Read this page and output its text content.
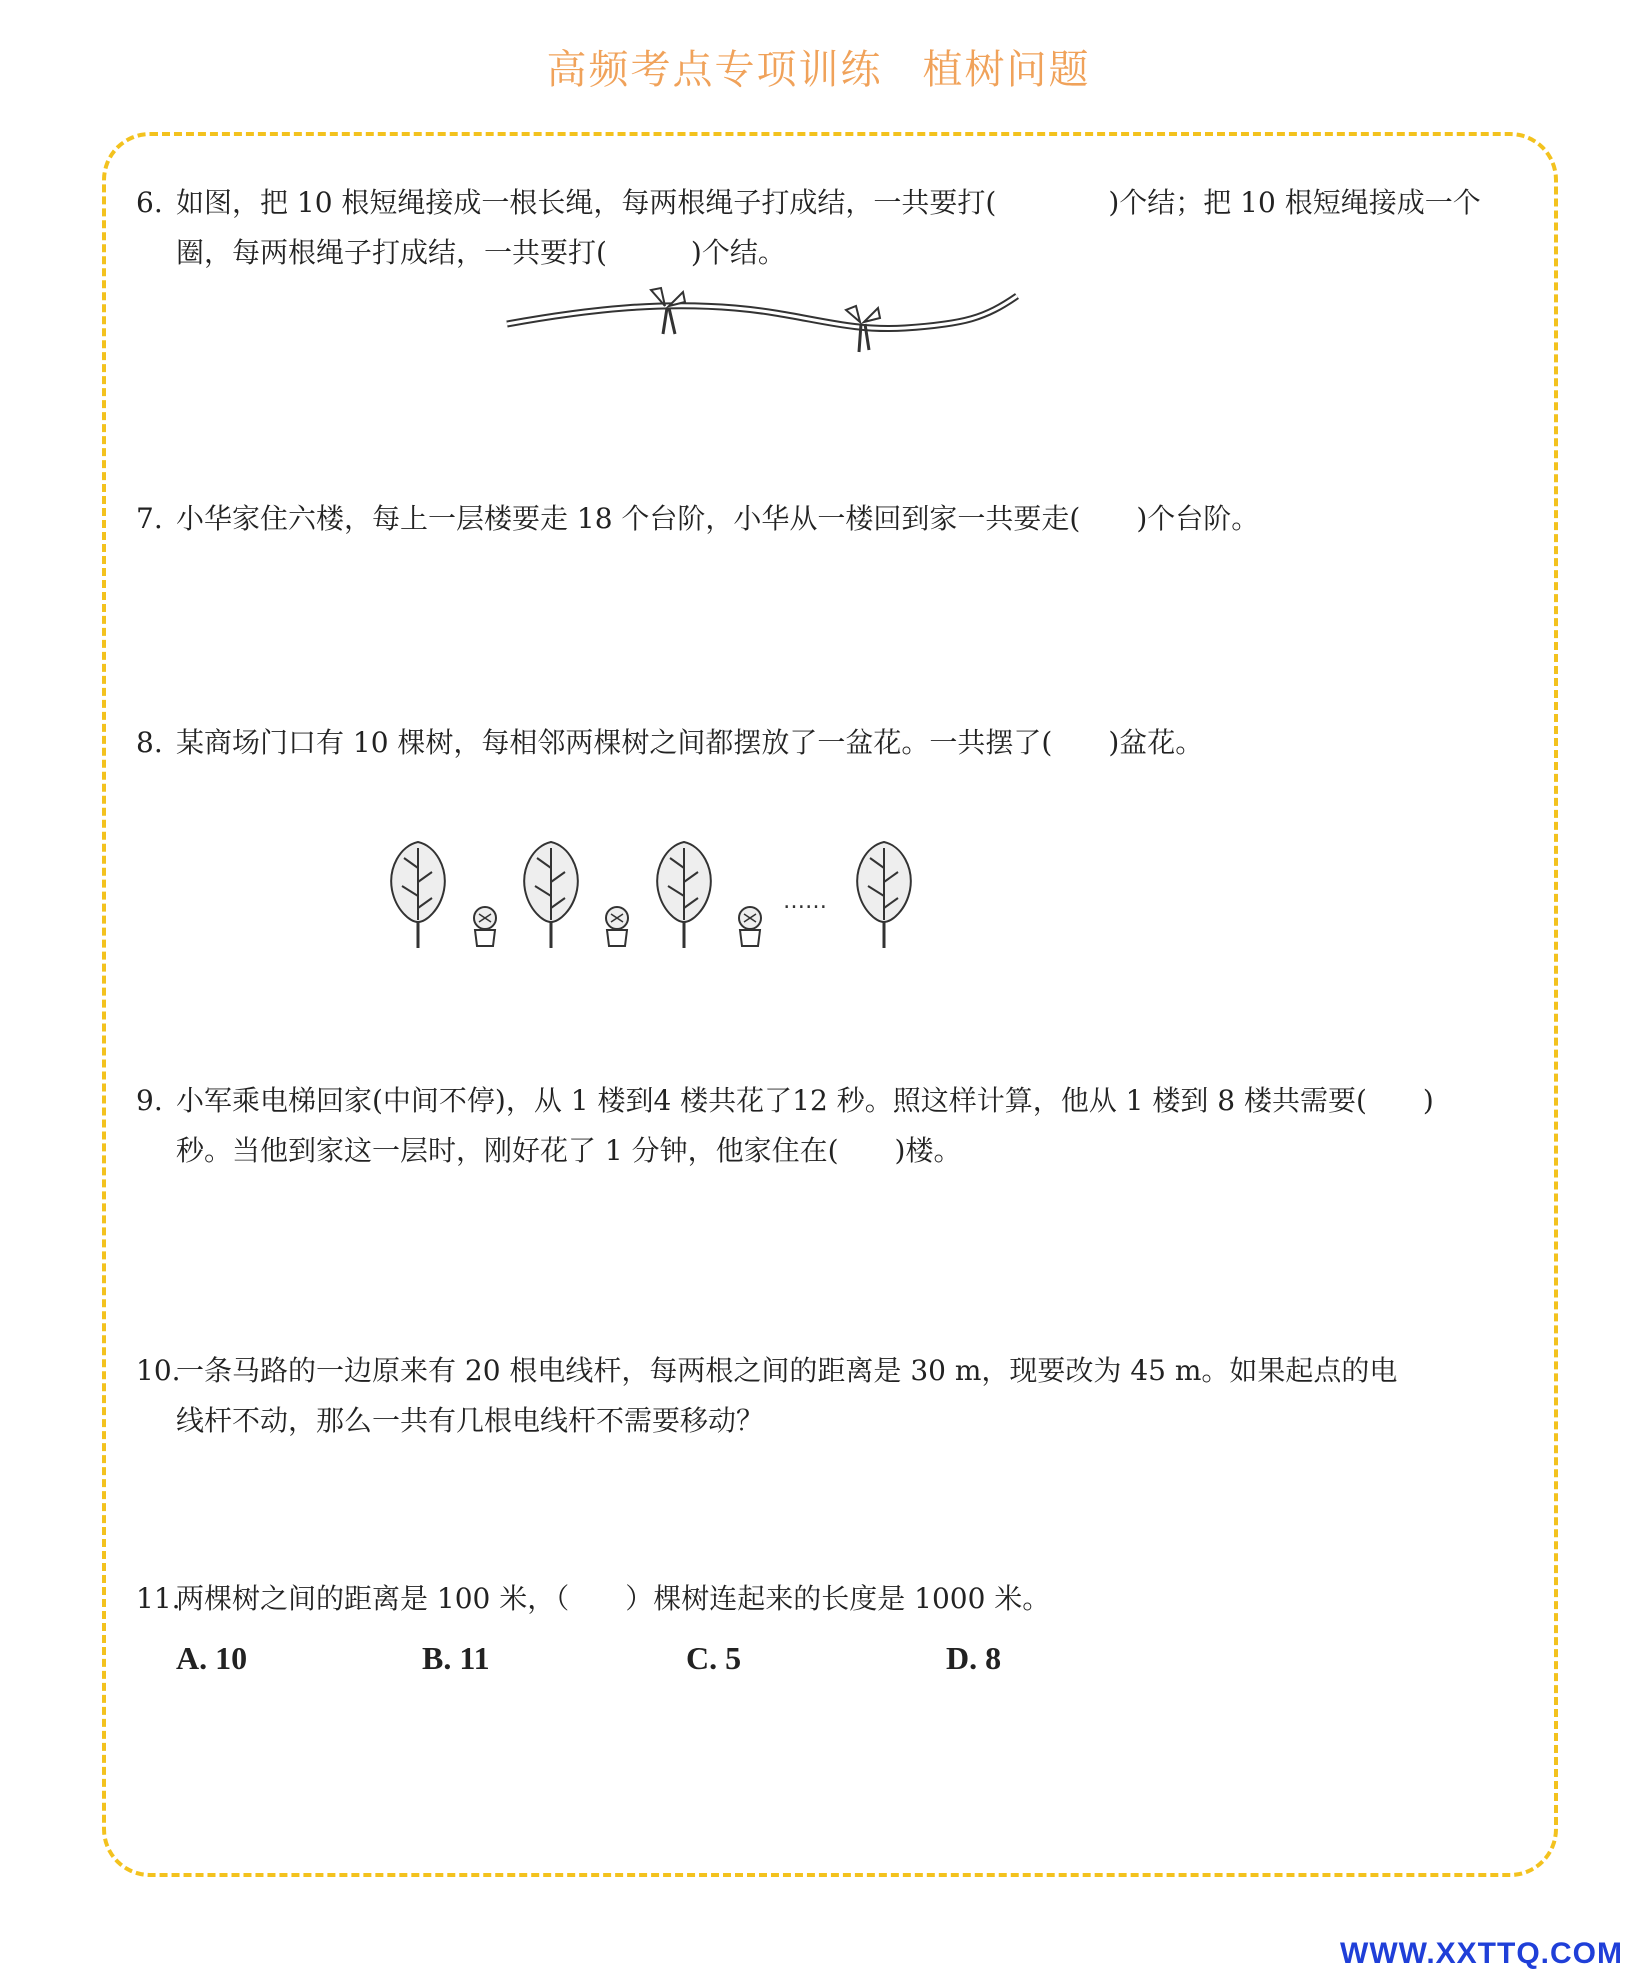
高频考点专项训练 植树问题
6. 如图，把 10 根短绳接成一根长绳，每两根绳子打成结，一共要打(　　　　)个结；把 10 根短绳接成一个
圈，每两根绳子打成结，一共要打(　　　)个结。
7. 小华家住六楼，每上一层楼要走 18 个台阶，小华从一楼回到家一共要走(　　)个台阶。
8. 某商场门口有 10 棵树，每相邻两棵树之间都摆放了一盆花。一共摆了(　　)盆花。
……
9. 小军乘电梯回家(中间不停)，从 1 楼到4 楼共花了12 秒。照这样计算，他从 1 楼到 8 楼共需要(　　)
秒。当他到家这一层时，刚好花了 1 分钟，他家住在(　　)楼。
10.一条马路的一边原来有 20 根电线杆，每两根之间的距离是 30 m，现要改为 45 m。如果起点的电
线杆不动，那么一共有几根电线杆不需要移动？
11.两棵树之间的距离是 100 米，（　　）棵树连起来的长度是 1000 米。
A. 10	B. 11	C. 5	D. 8
WWW.XXTTQ.COM
